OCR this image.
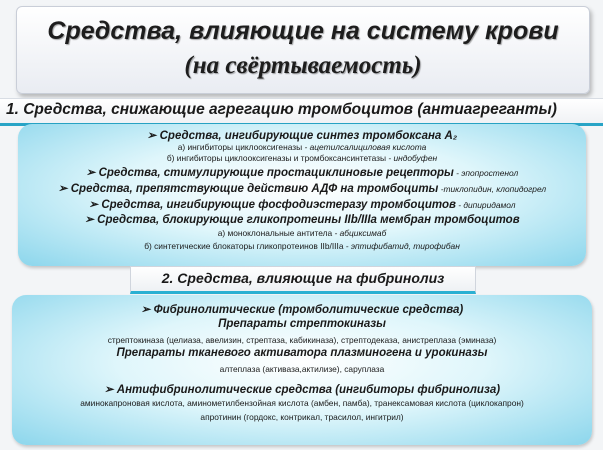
Средства, влияющие на систему крови
(на свёртываемость)
1. Средства, снижающие агрегацию тромбоцитов (антиагреганты)
➢ Средства, ингибирующие синтез тромбоксана А₂
а) ингибиторы циклооксигеназы - ацетилсалициловая кислота
б) ингибиторы циклооксигеназы и тромбоксансинтетазы - индобуфен
➢ Средства, стимулирующие простациклиновые рецепторы - эпопростенол
➢ Средства, препятствующие действию АДФ на тромбоциты -тиклопидин, клопидогрел
➢ Средства, ингибирующие фосфодиэстеразу тромбоцитов - дипиридамол
➢ Средства, блокирующие гликопротеины IIb/IIIa мембран тромбоцитов
а) моноклональные антитела - абциксимаб
б) синтетические блокаторы гликопротеинов IIb/IIIa - эптифибатид, тирофибан
2. Средства, влияющие на фибринолиз
➢ Фибринолитические (тромболитические средства)
Препараты стрептокиназы
стрептокиназа (целиаза, авелизин, стрептаза, кабикиназа), стрептодеказа, анистреплаза (эминаза)
Препараты тканевого активатора плазминогена и урокиназы
алтеплаза (активаза,актилизе), саруплаза
➢ Антифибринолитические средства (ингибиторы фибринолиза)
аминокапроновая кислота, аминометилбензойная кислота (амбен, памба), транексамовая кислота (циклокапрон)
апротинин (гордокс, контрикал, трасилол, ингитрил)
